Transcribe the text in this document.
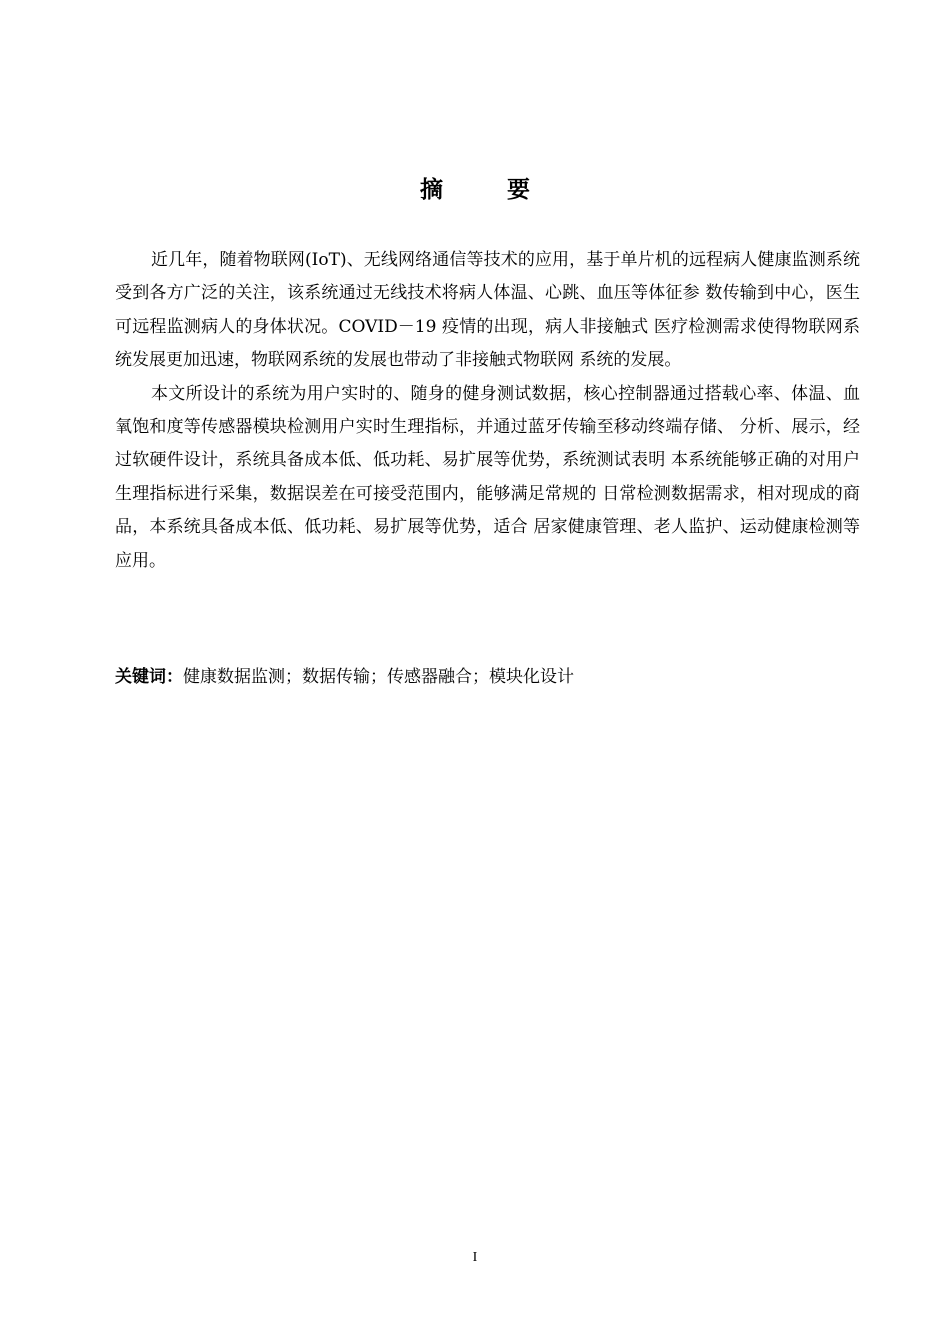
摘 要

近几年，随着物联网(IoT)、无线网络通信等技术的应用，基于单片机的远程病人健康监测系统受到各方广泛的关注，该系统通过无线技术将病人体温、心跳、血压等体征参 数传输到中心，医生可远程监测病人的身体状况。COVID－19 疫情的出现，病人非接触式 医疗检测需求使得物联网系统发展更加迅速，物联网系统的发展也带动了非接触式物联网 系统的发展。

本文所设计的系统为用户实时的、随身的健身测试数据，核心控制器通过搭载心率、体温、血氧饱和度等传感器模块检测用户实时生理指标，并通过蓝牙传输至移动终端存储、 分析、展示，经过软硬件设计，系统具备成本低、低功耗、易扩展等优势，系统测试表明 本系统能够正确的对用户生理指标进行采集，数据误差在可接受范围内，能够满足常规的 日常检测数据需求，相对现成的商品，本系统具备成本低、低功耗、易扩展等优势，适合 居家健康管理、老人监护、运动健康检测等应用。

关键词：健康数据监测；数据传输；传感器融合；模块化设计
I
